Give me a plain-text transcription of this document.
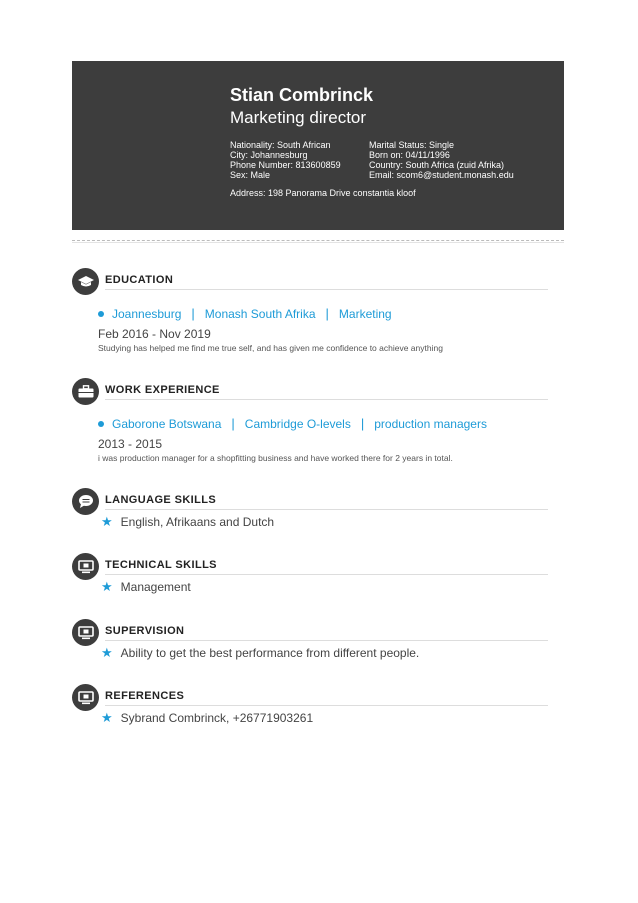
Stian Combrinck
Marketing director
Nationality: South African
City: Johannesburg
Phone Number: 813600859
Sex: Male
Marital Status: Single
Born on: 04/11/1996
Country: South Africa (zuid Afrika)
Email: scom6@student.monash.edu
Address: 198 Panorama Drive constantia kloof
EDUCATION
Joannesburg | Monash South Afrika | Marketing
Feb 2016 - Nov 2019
Studying has helped me find me true self, and has given me confidence to achieve anything
WORK EXPERIENCE
Gaborone Botswana | Cambridge O-levels | production managers
2013 - 2015
i was production manager for a shopfitting business and have worked there for 2 years in total.
LANGUAGE SKILLS
★ English, Afrikaans and Dutch
TECHNICAL SKILLS
★ Management
SUPERVISION
★ Ability to get the best performance from different people.
REFERENCES
★ Sybrand Combrinck, +26771903261
